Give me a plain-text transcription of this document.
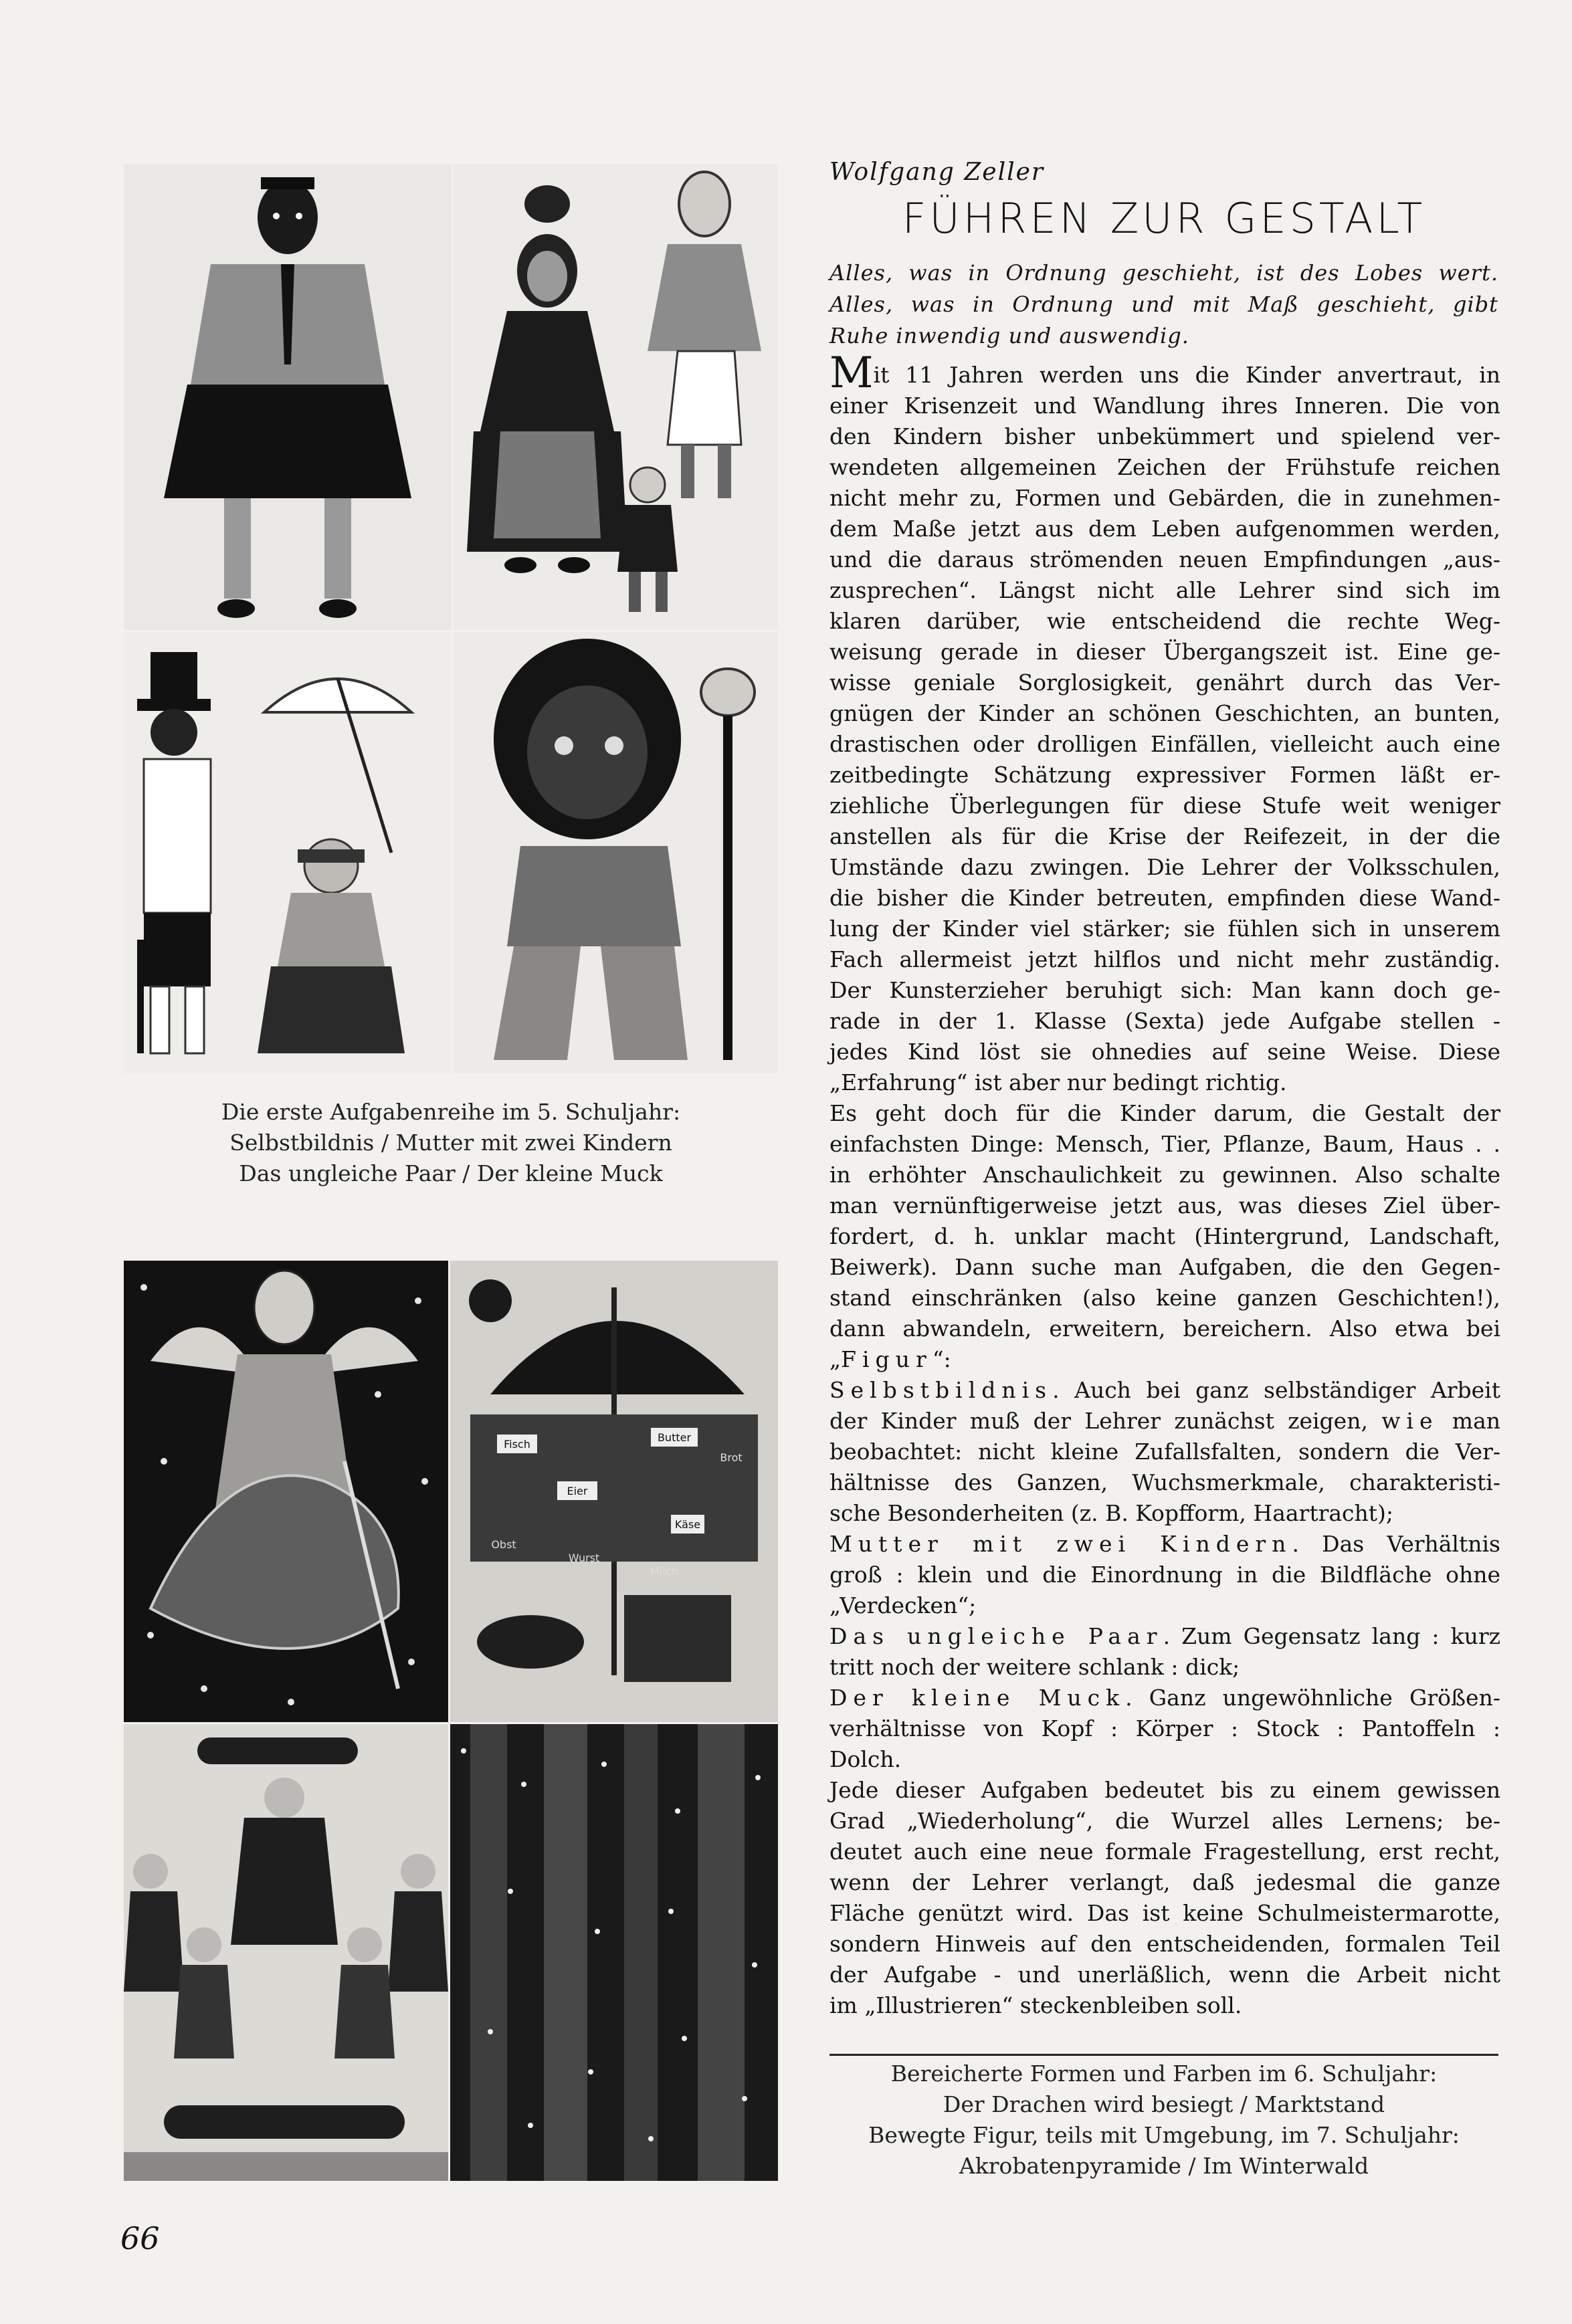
Die erste Aufgabenreihe im 5. Schuljahr:
Selbstbildnis / Mutter mit zwei Kindern
Das ungleiche Paar / Der kleine Muck
Fisch
Butter
Eier
Käse
Obst
Wurst
Milch
Brot
Wolfgang Zeller
FÜHREN ZUR GESTALT
Alles, was in Ordnung geschieht, ist des Lobes wert.
Alles, was in Ordnung und mit Maß geschieht, gibt
Ruhe inwendig und auswendig.
Mit 11 Jahren werden uns die Kinder anvertraut, in
einer Krisenzeit und Wandlung ihres Inneren. Die von
den Kindern bisher unbekümmert und spielend ver-
wendeten allgemeinen Zeichen der Frühstufe reichen
nicht mehr zu, Formen und Gebärden, die in zunehmen-
dem Maße jetzt aus dem Leben aufgenommen werden,
und die daraus strömenden neuen Empfindungen „aus-
zusprechen“. Längst nicht alle Lehrer sind sich im
klaren darüber, wie entscheidend die rechte Weg-
weisung gerade in dieser Übergangszeit ist. Eine ge-
wisse geniale Sorglosigkeit, genährt durch das Ver-
gnügen der Kinder an schönen Geschichten, an bunten,
drastischen oder drolligen Einfällen, vielleicht auch eine
zeitbedingte Schätzung expressiver Formen läßt er-
ziehliche Überlegungen für diese Stufe weit weniger
anstellen als für die Krise der Reifezeit, in der die
Umstände dazu zwingen. Die Lehrer der Volksschulen,
die bisher die Kinder betreuten, empfinden diese Wand-
lung der Kinder viel stärker; sie fühlen sich in unserem
Fach allermeist jetzt hilflos und nicht mehr zuständig.
Der Kunsterzieher beruhigt sich: Man kann doch ge-
rade in der 1. Klasse (Sexta) jede Aufgabe stellen -
jedes Kind löst sie ohnedies auf seine Weise. Diese
„Erfahrung“ ist aber nur bedingt richtig.
Es geht doch für die Kinder darum, die Gestalt der
einfachsten Dinge: Mensch, Tier, Pflanze, Baum, Haus . .
in erhöhter Anschaulichkeit zu gewinnen. Also schalte
man vernünftigerweise jetzt aus, was dieses Ziel über-
fordert, d. h. unklar macht (Hintergrund, Landschaft,
Beiwerk). Dann suche man Aufgaben, die den Gegen-
stand einschränken (also keine ganzen Geschichten!),
dann abwandeln, erweitern, bereichern. Also etwa bei
„Figur“:
Selbstbildnis. Auch bei ganz selbständiger Arbeit
der Kinder muß der Lehrer zunächst zeigen, wie man
beobachtet: nicht kleine Zufallsfalten, sondern die Ver-
hältnisse des Ganzen, Wuchsmerkmale, charakteristi-
sche Besonderheiten (z. B. Kopfform, Haartracht);
Mutter mit zwei Kindern. Das Verhältnis
groß : klein und die Einordnung in die Bildfläche ohne
„Verdecken“;
Das ungleiche Paar. Zum Gegensatz lang : kurz
tritt noch der weitere schlank : dick;
Der kleine Muck. Ganz ungewöhnliche Größen-
verhältnisse von Kopf : Körper : Stock : Pantoffeln :
Dolch.
Jede dieser Aufgaben bedeutet bis zu einem gewissen
Grad „Wiederholung“, die Wurzel alles Lernens; be-
deutet auch eine neue formale Fragestellung, erst recht,
wenn der Lehrer verlangt, daß jedesmal die ganze
Fläche genützt wird. Das ist keine Schulmeistermarotte,
sondern Hinweis auf den entscheidenden, formalen Teil
der Aufgabe - und unerläßlich, wenn die Arbeit nicht
im „Illustrieren“ steckenbleiben soll.
Bereicherte Formen und Farben im 6. Schuljahr:
Der Drachen wird besiegt / Marktstand
Bewegte Figur, teils mit Umgebung, im 7. Schuljahr:
Akrobatenpyramide / Im Winterwald
66
